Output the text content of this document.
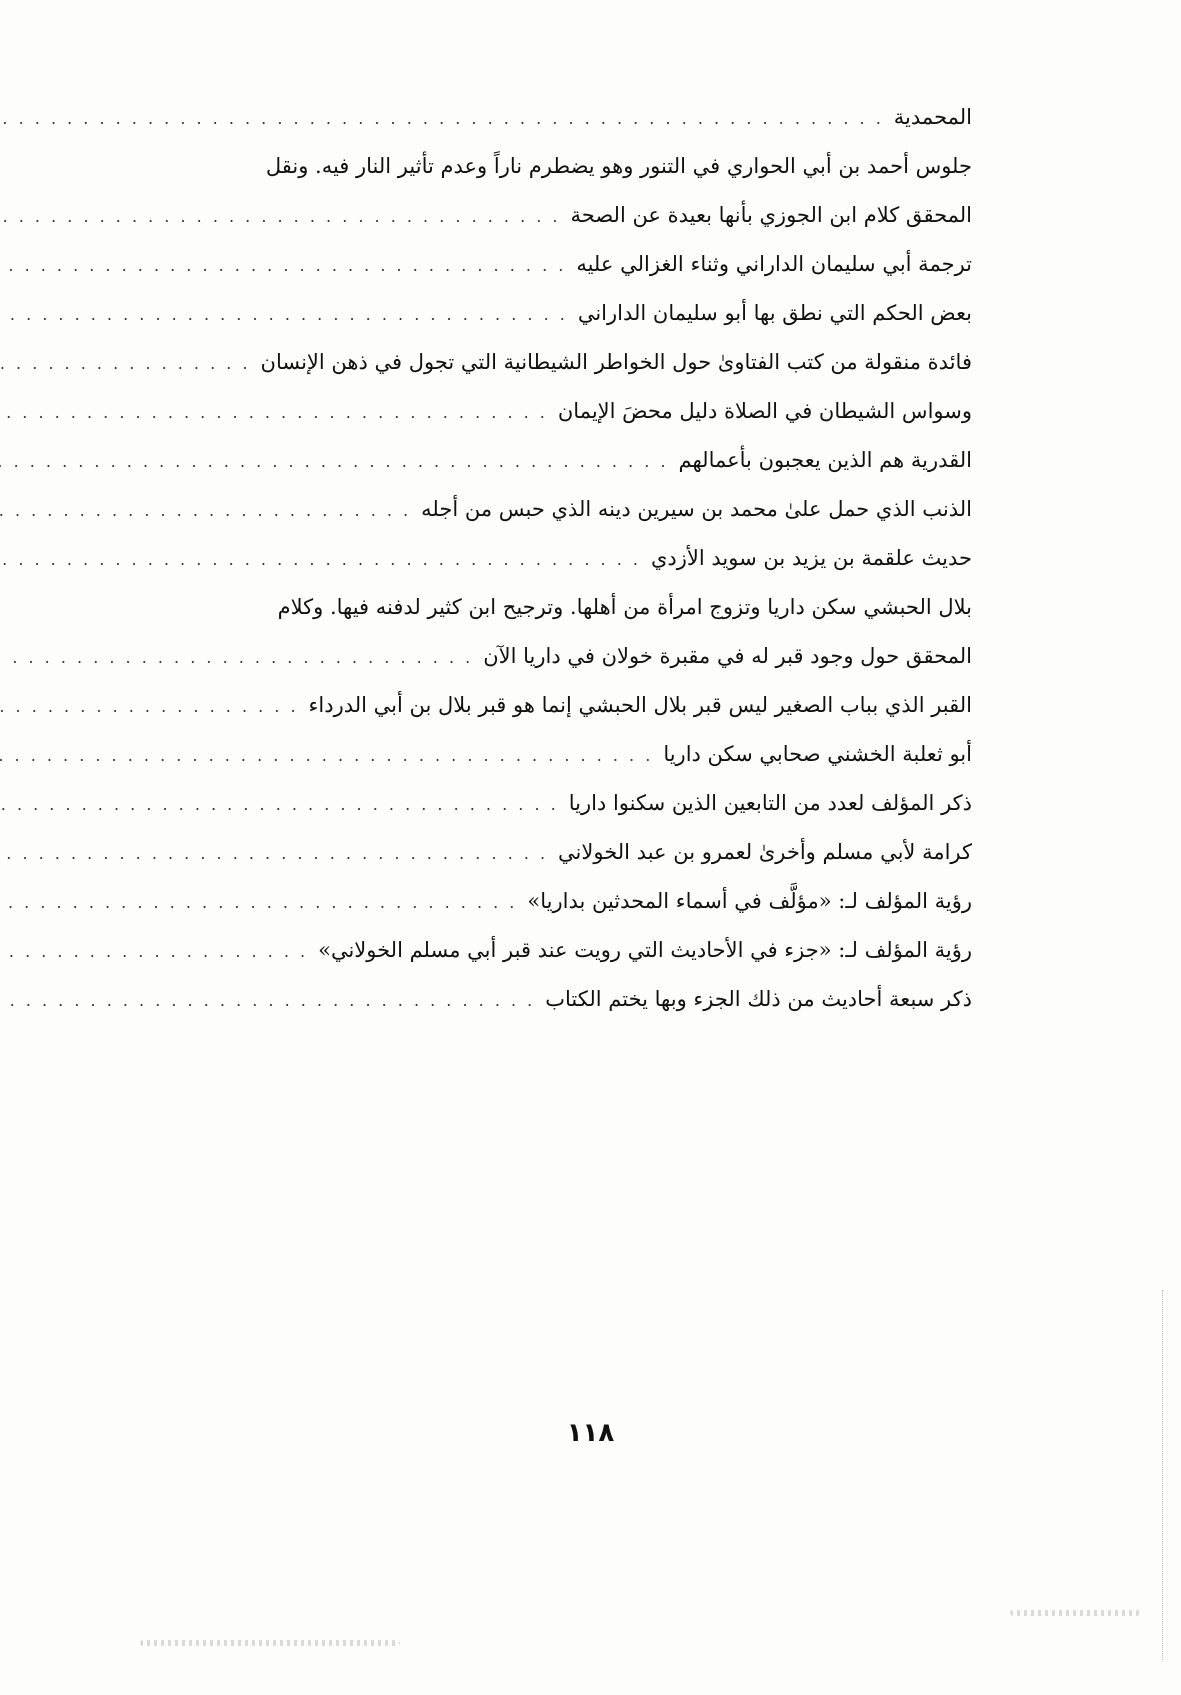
المحمدية
. . .
جلوس أحمد بن أبي الحواري في التنور وهو يضطرم ناراً وعدم تأثير النار فيه. ونقل
المحقق كلام ابن الجوزي بأنها بعيدة عن الصحة
. . .
ترجمة أبي سليمان الداراني وثناء الغزالي عليه
. . .
بعض الحكم التي نطق بها أبو سليمان الداراني
. . .
فائدة منقولة من كتب الفتاوىٰ حول الخواطر الشيطانية التي تجول في ذهن الإنسان
. . .
وسواس الشيطان في الصلاة دليل محضَ الإيمان
. . .
القدرية هم الذين يعجبون بأعمالهم
. . .
الذنب الذي حمل علىٰ محمد بن سيرين دينه الذي حبس من أجله
. . .
حديث علقمة بن يزيد بن سويد الأزدي
. . .
بلال الحبشي سكن داريا وتزوج امرأة من أهلها. وترجيح ابن كثير لدفنه فيها. وكلام
المحقق حول وجود قبر له في مقبرة خولان في داريا الآن
. . .
القبر الذي بباب الصغير ليس قبر بلال الحبشي إنما هو قبر بلال بن أبي الدرداء
. . .
أبو ثعلبة الخشني صحابي سكن داريا
. . .
ذكر المؤلف لعدد من التابعين الذين سكنوا داريا
. . .
كرامة لأبي مسلم وأخرىٰ لعمرو بن عبد الخولاني
. . .
رؤية المؤلف لـ: «مؤلَّف في أسماء المحدثين بداريا»
. . .
رؤية المؤلف لـ: «جزء في الأحاديث التي رويت عند قبر أبي مسلم الخولاني»
. . .
ذكر سبعة أحاديث من ذلك الجزء وبها يختم الكتاب
. . .
١١٨
